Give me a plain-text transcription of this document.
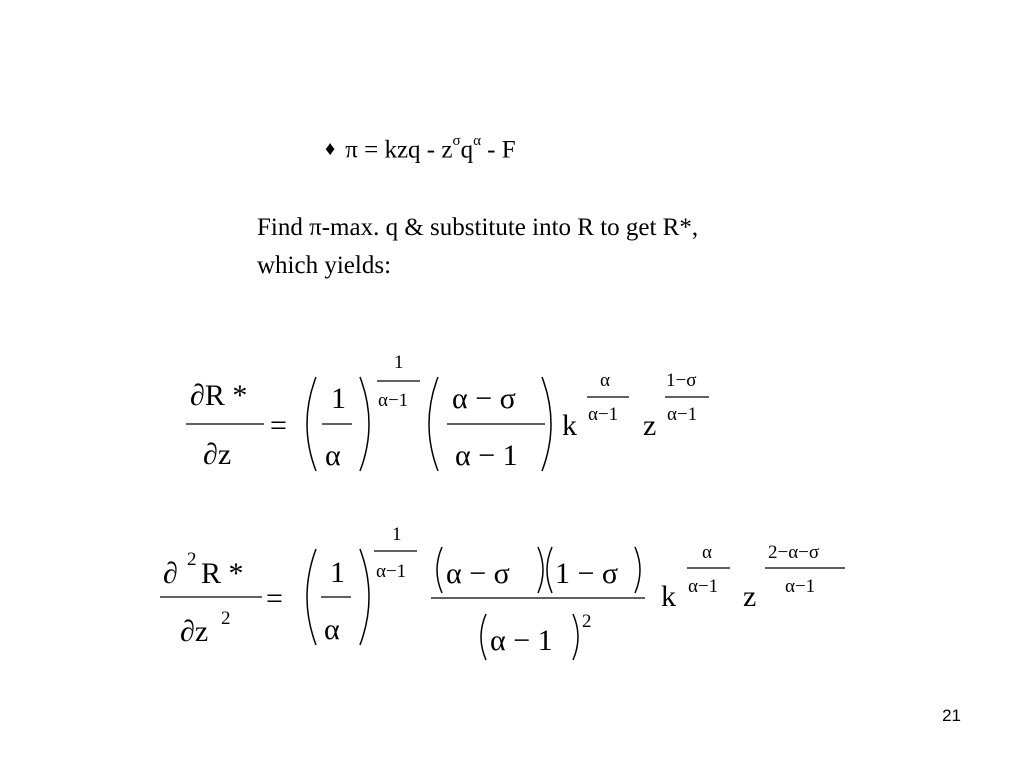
♦ π = kzq - $z^\sigma q^\alpha$ - F
Find π-max. q & substitute into R to get R*,
which yields:
∂R *
∂z
=
1
α
1
α−1 α − σ
α − 1
k
α
α−1 z
1−σ
α−1
∂ 2 R *
∂z 2
=
1
α
1
α−1 α − σ 1 − σ
α − 1
2
k
α
α−1 z
2−α−σ
α−1
21
